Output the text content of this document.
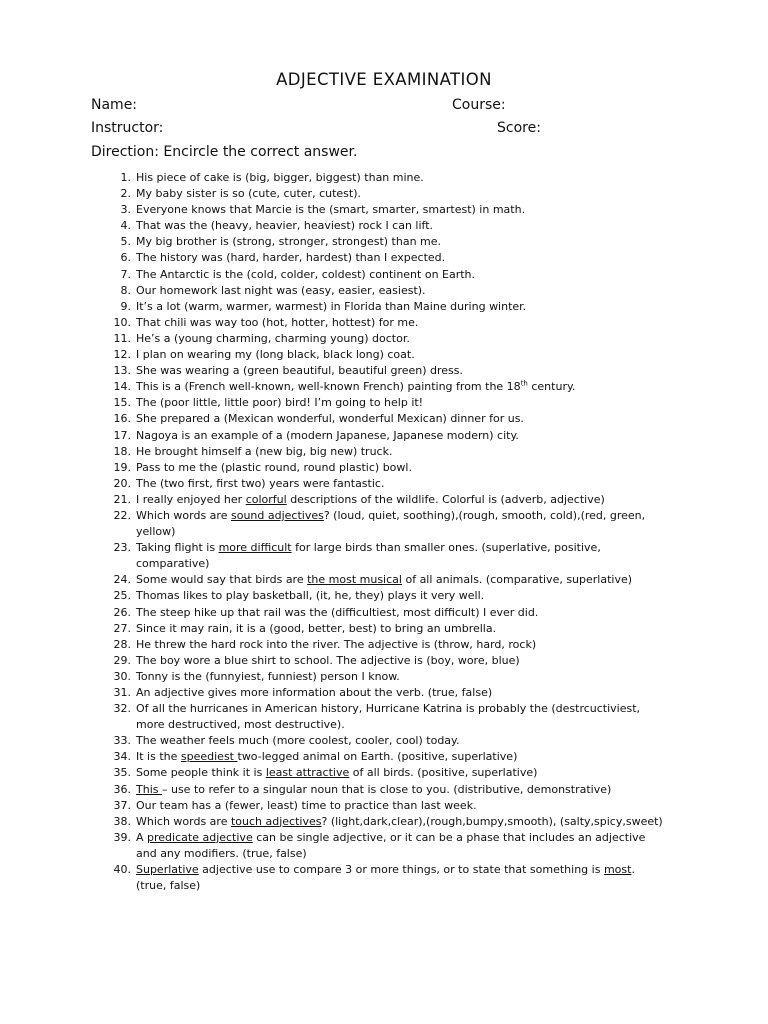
ADJECTIVE EXAMINATION
Name:	Course:
Instructor:	Score:
Direction: Encircle the correct answer.
1. His piece of cake is (big, bigger, biggest) than mine.
2. My baby sister is so (cute, cuter, cutest).
3. Everyone knows that Marcie is the (smart, smarter, smartest) in math.
4. That was the (heavy, heavier, heaviest) rock I can lift.
5. My big brother is (strong, stronger, strongest) than me.
6. The history was (hard, harder, hardest) than I expected.
7. The Antarctic is the (cold, colder, coldest) continent on Earth.
8. Our homework last night was (easy, easier, easiest).
9. It’s a lot (warm, warmer, warmest) in Florida than Maine during winter.
10. That chili was way too (hot, hotter, hottest) for me.
11. He’s a (young charming, charming young) doctor.
12. I plan on wearing my (long black, black long) coat.
13. She was wearing a (green beautiful, beautiful green) dress.
14. This is a (French well-known, well-known French) painting from the 18th century.
15. The (poor little, little poor) bird! I’m going to help it!
16. She prepared a (Mexican wonderful, wonderful Mexican) dinner for us.
17. Nagoya is an example of a (modern Japanese, Japanese modern) city.
18. He brought himself a (new big, big new) truck.
19. Pass to me the (plastic round, round plastic) bowl.
20. The (two first, first two) years were fantastic.
21. I really enjoyed her colorful descriptions of the wildlife. Colorful is (adverb, adjective)
22. Which words are sound adjectives? (loud, quiet, soothing),(rough, smooth, cold),(red, green, yellow)
23. Taking flight is more difficult for large birds than smaller ones. (superlative, positive, comparative)
24. Some would say that birds are the most musical of all animals. (comparative, superlative)
25. Thomas likes to play basketball, (it, he, they) plays it very well.
26. The steep hike up that rail was the (difficultiest, most difficult) I ever did.
27. Since it may rain, it is a (good, better, best) to bring an umbrella.
28. He threw the hard rock into the river. The adjective is (throw, hard, rock)
29. The boy wore a blue shirt to school. The adjective is (boy, wore, blue)
30. Tonny is the (funnyiest, funniest) person I know.
31. An adjective gives more information about the verb. (true, false)
32. Of all the hurricanes in American history, Hurricane Katrina is probably the (destrcuctiviest, more destructived, most destructive).
33. The weather feels much (more coolest, cooler, cool) today.
34. It is the speediest two-legged animal on Earth. (positive, superlative)
35. Some people think it is least attractive of all birds. (positive, superlative)
36. This – use to refer to a singular noun that is close to you. (distributive, demonstrative)
37. Our team has a (fewer, least) time to practice than last week.
38. Which words are touch adjectives? (light,dark,clear),(rough,bumpy,smooth), (salty,spicy,sweet)
39. A predicate adjective can be single adjective, or it can be a phase that includes an adjective and any modifiers. (true, false)
40. Superlative adjective use to compare 3 or more things, or to state that something is most. (true, false)
